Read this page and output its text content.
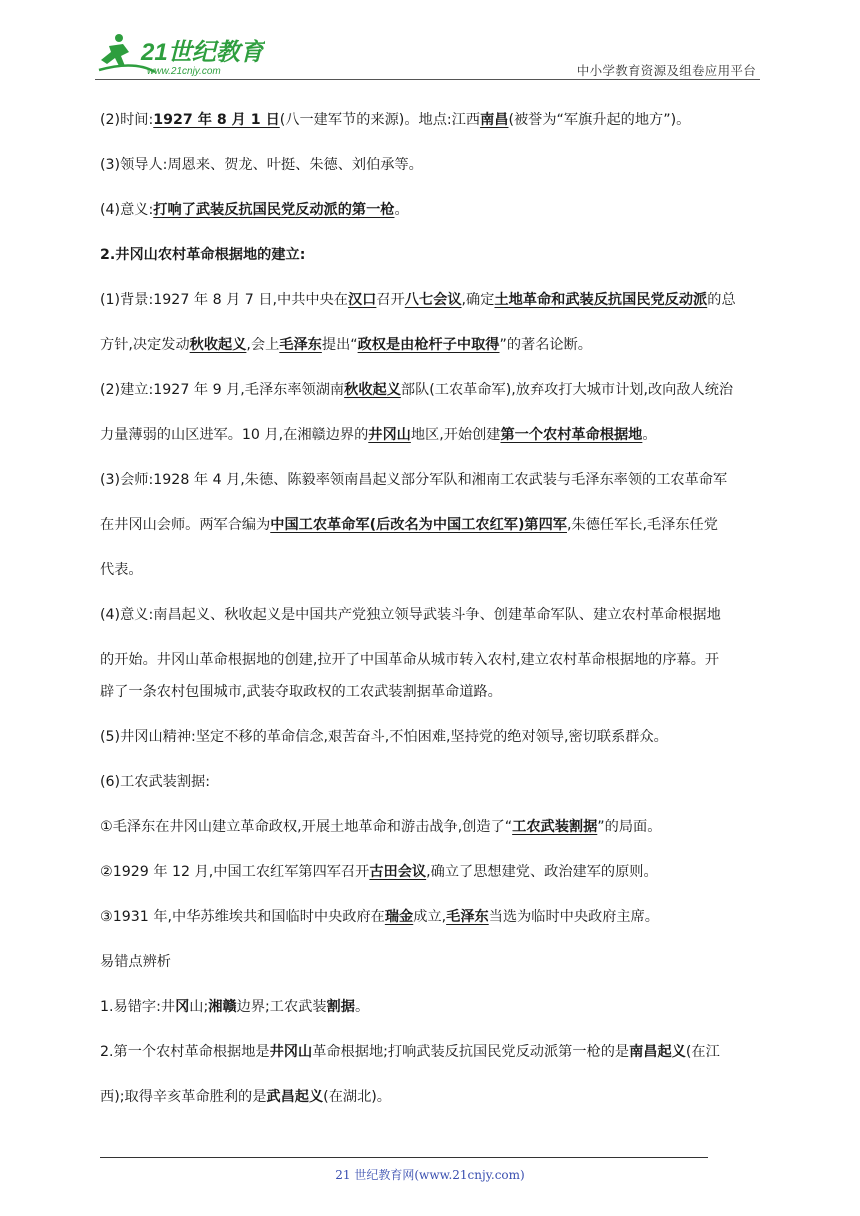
21世纪教育
www.21cnjy.com	中小学教育资源及组卷应用平台

(2)时间:1927 年 8 月 1 日(八一建军节的来源)。地点:江西南昌(被誉为“军旗升起的地方”)。

(3)领导人:周恩来、贺龙、叶挺、朱德、刘伯承等。

(4)意义:打响了武装反抗国民党反动派的第一枪。

2.井冈山农村革命根据地的建立:

(1)背景:1927 年 8 月 7 日,中共中央在汉口召开八七会议,确定土地革命和武装反抗国民党反动派的总

方针,决定发动秋收起义,会上毛泽东提出“政权是由枪杆子中取得”的著名论断。

(2)建立:1927 年 9 月,毛泽东率领湖南秋收起义部队(工农革命军),放弃攻打大城市计划,改向敌人统治

力量薄弱的山区进军。10 月,在湘赣边界的井冈山地区,开始创建第一个农村革命根据地。

(3)会师:1928 年 4 月,朱德、陈毅率领南昌起义部分军队和湘南工农武装与毛泽东率领的工农革命军

在井冈山会师。两军合编为中国工农革命军(后改名为中国工农红军)第四军,朱德任军长,毛泽东任党

代表。

(4)意义:南昌起义、秋收起义是中国共产党独立领导武装斗争、创建革命军队、建立农村革命根据地

的开始。井冈山革命根据地的创建,拉开了中国革命从城市转入农村,建立农村革命根据地的序幕。开

辟了一条农村包围城市,武装夺取政权的工农武装割据革命道路。

(5)井冈山精神:坚定不移的革命信念,艰苦奋斗,不怕困难,坚持党的绝对领导,密切联系群众。

(6)工农武装割据:

①毛泽东在井冈山建立革命政权,开展土地革命和游击战争,创造了“工农武装割据”的局面。

②1929 年 12 月,中国工农红军第四军召开古田会议,确立了思想建党、政治建军的原则。

③1931 年,中华苏维埃共和国临时中央政府在瑞金成立,毛泽东当选为临时中央政府主席。

易错点辨析

1.易错字:井冈山;湘赣边界;工农武装割据。

2.第一个农村革命根据地是井冈山革命根据地;打响武装反抗国民党反动派第一枪的是南昌起义(在江

西);取得辛亥革命胜利的是武昌起义(在湖北)。

21 世纪教育网(www.21cnjy.com)
